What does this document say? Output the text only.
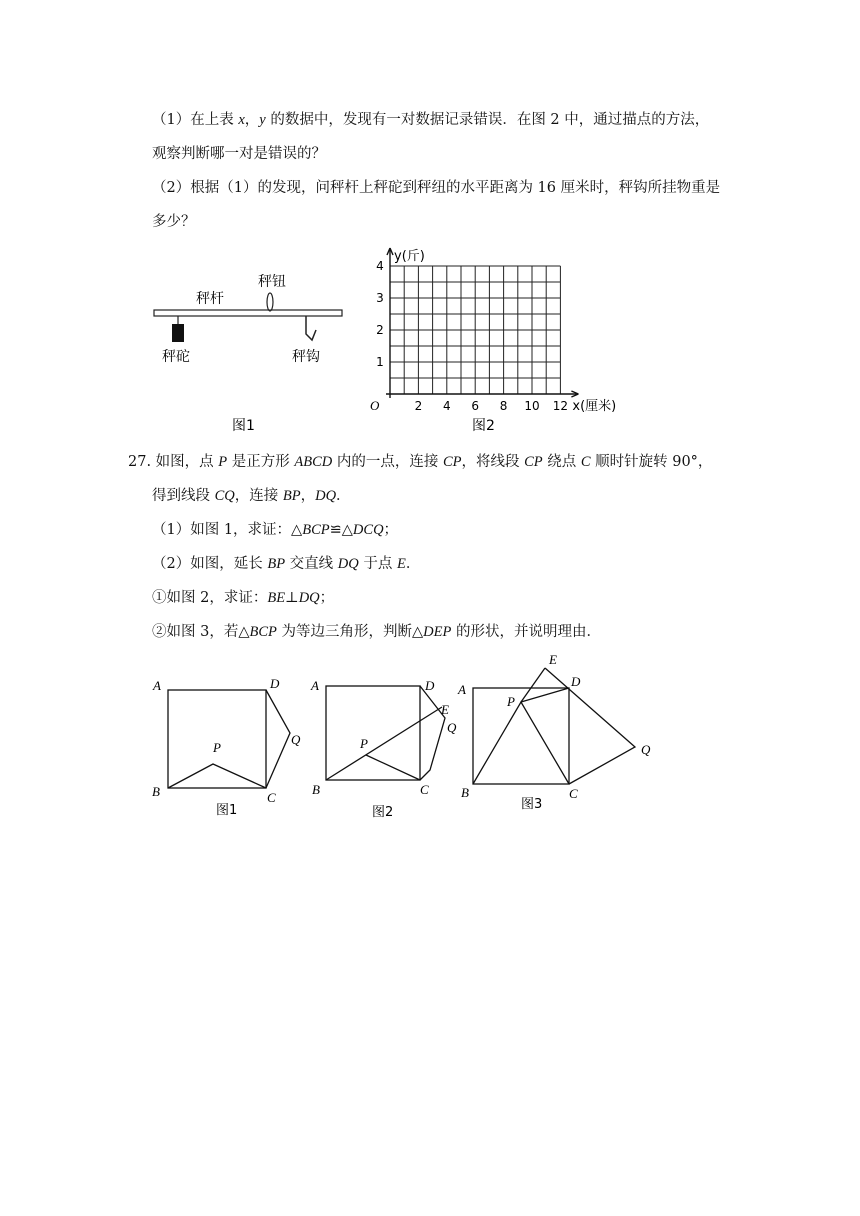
（1）在上表 x，y 的数据中，发现有一对数据记录错误．在图 2 中，通过描点的方法，
观察判断哪一对是错误的？
（2）根据（1）的发现，问秤杆上秤砣到秤纽的水平距离为 16 厘米时，秤钩所挂物重是
多少？
秤杆
秤钮
秤砣	秤钩
图1
2 4 6 8 10 12
1
2
3
4
O
y(斤)
x(厘米)
图2
27. 如图，点 P 是正方形 ABCD 内的一点，连接 CP，将线段 CP 绕点 C 顺时针旋转 90°，
得到线段 CQ，连接 BP，DQ．
（1）如图 1，求证：△BCP≌△DCQ；
（2）如图，延长 BP 交直线 DQ 于点 E．
①如图 2，求证：BE⊥DQ；
②如图 3，若△BCP 为等边三角形，判断△DEP 的形状，并说明理由．
A
B	C
D
P
Q
图1
A
B	C
D
P
Q
E
图2
A
B	C
D
P
Q
E
图3
